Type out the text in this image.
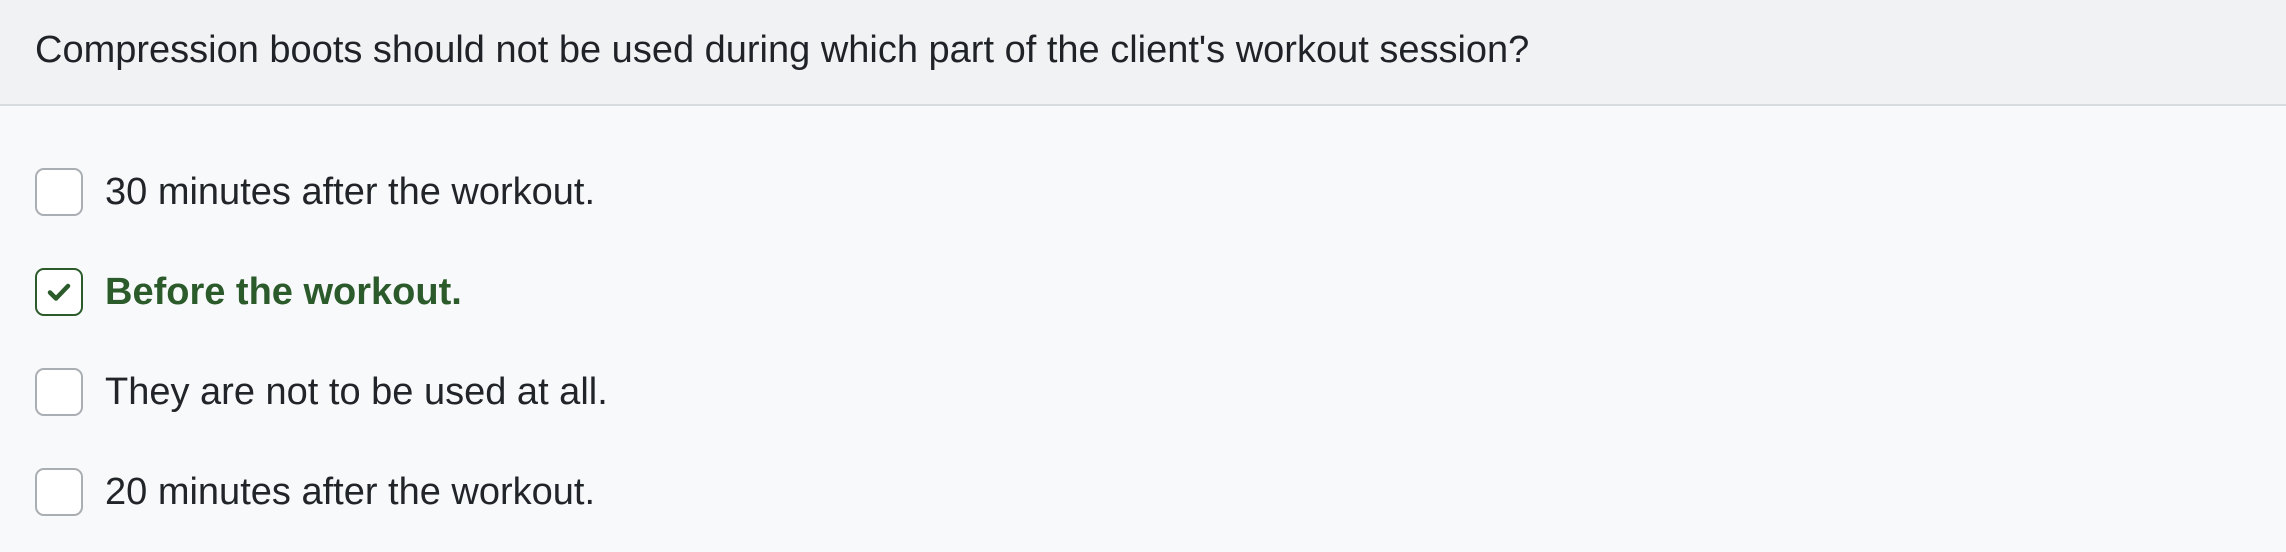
Compression boots should not be used during which part of the client's workout session?
30 minutes after the workout.
Before the workout.
They are not to be used at all.
20 minutes after the workout.
